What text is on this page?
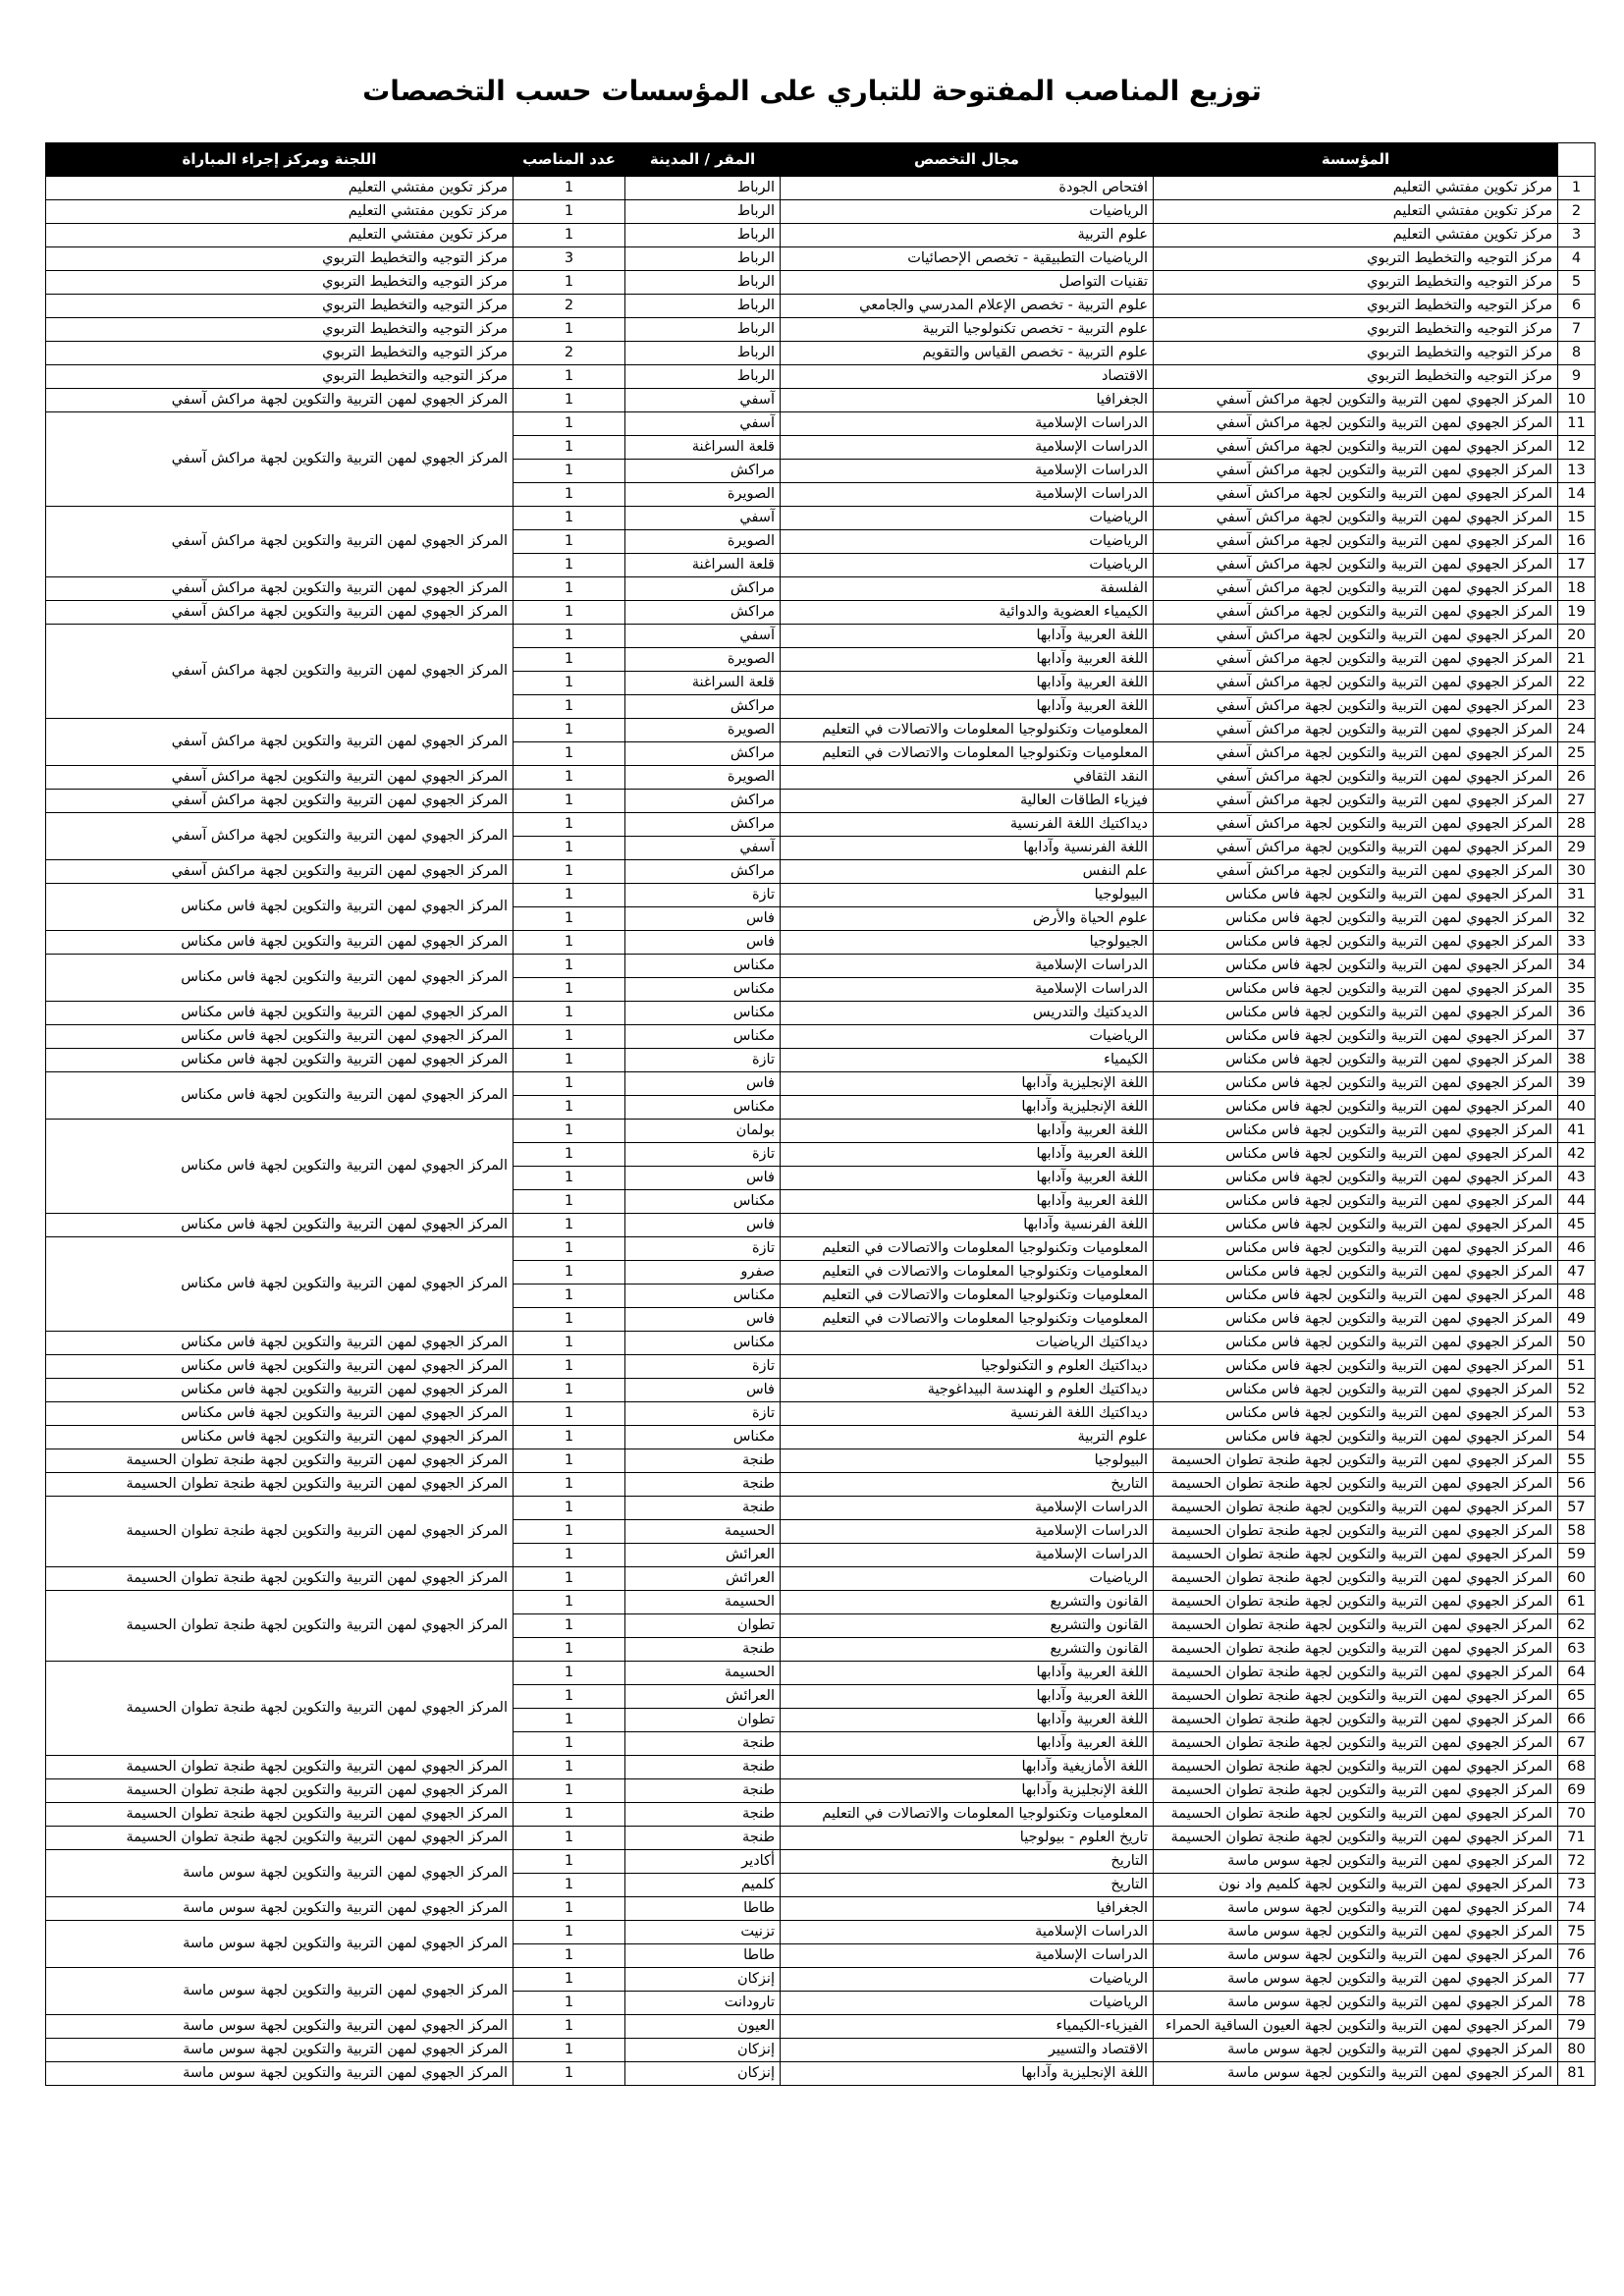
توزيع المناصب المفتوحة للتباري على المؤسسات حسب التخصصات
	المؤسسة	مجال التخصص	المقر / المدينة	عدد المناصب	اللجنة ومركز إجراء المباراة
1	مركز تكوين مفتشي التعليم	افتحاص الجودة	الرباط	1	مركز تكوين مفتشي التعليم
2	مركز تكوين مفتشي التعليم	الرياضيات	الرباط	1	مركز تكوين مفتشي التعليم
3	مركز تكوين مفتشي التعليم	علوم التربية	الرباط	1	مركز تكوين مفتشي التعليم
4	مركز التوجيه والتخطيط التربوي	الرياضيات التطبيقية - تخصص الإحصائيات	الرباط	3	مركز التوجيه والتخطيط التربوي
5	مركز التوجيه والتخطيط التربوي	تقنيات التواصل	الرباط	1	مركز التوجيه والتخطيط التربوي
6	مركز التوجيه والتخطيط التربوي	علوم التربية - تخصص الإعلام المدرسي والجامعي	الرباط	2	مركز التوجيه والتخطيط التربوي
7	مركز التوجيه والتخطيط التربوي	علوم التربية - تخصص تكنولوجيا التربية	الرباط	1	مركز التوجيه والتخطيط التربوي
8	مركز التوجيه والتخطيط التربوي	علوم التربية - تخصص القياس والتقويم	الرباط	2	مركز التوجيه والتخطيط التربوي
9	مركز التوجيه والتخطيط التربوي	الاقتصاد	الرباط	1	مركز التوجيه والتخطيط التربوي
10	المركز الجهوي لمهن التربية والتكوين لجهة مراكش آسفي	الجغرافيا	آسفي	1	المركز الجهوي لمهن التربية والتكوين لجهة مراكش آسفي
11	المركز الجهوي لمهن التربية والتكوين لجهة مراكش آسفي	الدراسات الإسلامية	آسفي	1	المركز الجهوي لمهن التربية والتكوين لجهة مراكش آسفي
12	المركز الجهوي لمهن التربية والتكوين لجهة مراكش آسفي	الدراسات الإسلامية	قلعة السراغنة	1	
13	المركز الجهوي لمهن التربية والتكوين لجهة مراكش آسفي	الدراسات الإسلامية	مراكش	1	
14	المركز الجهوي لمهن التربية والتكوين لجهة مراكش آسفي	الدراسات الإسلامية	الصويرة	1	
15	المركز الجهوي لمهن التربية والتكوين لجهة مراكش آسفي	الرياضيات	آسفي	1	المركز الجهوي لمهن التربية والتكوين لجهة مراكش آسفي
16	المركز الجهوي لمهن التربية والتكوين لجهة مراكش آسفي	الرياضيات	الصويرة	1	
17	المركز الجهوي لمهن التربية والتكوين لجهة مراكش آسفي	الرياضيات	قلعة السراغنة	1	
18	المركز الجهوي لمهن التربية والتكوين لجهة مراكش آسفي	الفلسفة	مراكش	1	المركز الجهوي لمهن التربية والتكوين لجهة مراكش آسفي
19	المركز الجهوي لمهن التربية والتكوين لجهة مراكش آسفي	الكيمياء العضوية والدوائية	مراكش	1	المركز الجهوي لمهن التربية والتكوين لجهة مراكش آسفي
20	المركز الجهوي لمهن التربية والتكوين لجهة مراكش آسفي	اللغة العربية وآدابها	آسفي	1	المركز الجهوي لمهن التربية والتكوين لجهة مراكش آسفي
21	المركز الجهوي لمهن التربية والتكوين لجهة مراكش آسفي	اللغة العربية وآدابها	الصويرة	1	
22	المركز الجهوي لمهن التربية والتكوين لجهة مراكش آسفي	اللغة العربية وآدابها	قلعة السراغنة	1	
23	المركز الجهوي لمهن التربية والتكوين لجهة مراكش آسفي	اللغة العربية وآدابها	مراكش	1	
24	المركز الجهوي لمهن التربية والتكوين لجهة مراكش آسفي	المعلوميات وتكنولوجيا المعلومات والاتصالات في التعليم	الصويرة	1	المركز الجهوي لمهن التربية والتكوين لجهة مراكش آسفي
25	المركز الجهوي لمهن التربية والتكوين لجهة مراكش آسفي	المعلوميات وتكنولوجيا المعلومات والاتصالات في التعليم	مراكش	1	
26	المركز الجهوي لمهن التربية والتكوين لجهة مراكش آسفي	النقد الثقافي	الصويرة	1	المركز الجهوي لمهن التربية والتكوين لجهة مراكش آسفي
27	المركز الجهوي لمهن التربية والتكوين لجهة مراكش آسفي	فيزياء الطاقات العالية	مراكش	1	المركز الجهوي لمهن التربية والتكوين لجهة مراكش آسفي
28	المركز الجهوي لمهن التربية والتكوين لجهة مراكش آسفي	ديداكتيك اللغة الفرنسية	مراكش	1	المركز الجهوي لمهن التربية والتكوين لجهة مراكش آسفي
29	المركز الجهوي لمهن التربية والتكوين لجهة مراكش آسفي	اللغة الفرنسية وآدابها	آسفي	1	
30	المركز الجهوي لمهن التربية والتكوين لجهة مراكش آسفي	علم النفس	مراكش	1	المركز الجهوي لمهن التربية والتكوين لجهة مراكش آسفي
31	المركز الجهوي لمهن التربية والتكوين لجهة فاس مكناس	البيولوجيا	تازة	1	المركز الجهوي لمهن التربية والتكوين لجهة فاس مكناس
32	المركز الجهوي لمهن التربية والتكوين لجهة فاس مكناس	علوم الحياة والأرض	فاس	1	
33	المركز الجهوي لمهن التربية والتكوين لجهة فاس مكناس	الجيولوجيا	فاس	1	المركز الجهوي لمهن التربية والتكوين لجهة فاس مكناس
34	المركز الجهوي لمهن التربية والتكوين لجهة فاس مكناس	الدراسات الإسلامية	مكناس	1	المركز الجهوي لمهن التربية والتكوين لجهة فاس مكناس
35	المركز الجهوي لمهن التربية والتكوين لجهة فاس مكناس	الدراسات الإسلامية	مكناس	1	
36	المركز الجهوي لمهن التربية والتكوين لجهة فاس مكناس	الديدكتيك والتدريس	مكناس	1	المركز الجهوي لمهن التربية والتكوين لجهة فاس مكناس
37	المركز الجهوي لمهن التربية والتكوين لجهة فاس مكناس	الرياضيات	مكناس	1	المركز الجهوي لمهن التربية والتكوين لجهة فاس مكناس
38	المركز الجهوي لمهن التربية والتكوين لجهة فاس مكناس	الكيمياء	تازة	1	المركز الجهوي لمهن التربية والتكوين لجهة فاس مكناس
39	المركز الجهوي لمهن التربية والتكوين لجهة فاس مكناس	اللغة الإنجليزية وآدابها	فاس	1	المركز الجهوي لمهن التربية والتكوين لجهة فاس مكناس
40	المركز الجهوي لمهن التربية والتكوين لجهة فاس مكناس	اللغة الإنجليزية وآدابها	مكناس	1	
41	المركز الجهوي لمهن التربية والتكوين لجهة فاس مكناس	اللغة العربية وآدابها	بولمان	1	المركز الجهوي لمهن التربية والتكوين لجهة فاس مكناس
42	المركز الجهوي لمهن التربية والتكوين لجهة فاس مكناس	اللغة العربية وآدابها	تازة	1	
43	المركز الجهوي لمهن التربية والتكوين لجهة فاس مكناس	اللغة العربية وآدابها	فاس	1	
44	المركز الجهوي لمهن التربية والتكوين لجهة فاس مكناس	اللغة العربية وآدابها	مكناس	1	
45	المركز الجهوي لمهن التربية والتكوين لجهة فاس مكناس	اللغة الفرنسية وآدابها	فاس	1	المركز الجهوي لمهن التربية والتكوين لجهة فاس مكناس
46	المركز الجهوي لمهن التربية والتكوين لجهة فاس مكناس	المعلوميات وتكنولوجيا المعلومات والاتصالات في التعليم	تازة	1	المركز الجهوي لمهن التربية والتكوين لجهة فاس مكناس
47	المركز الجهوي لمهن التربية والتكوين لجهة فاس مكناس	المعلوميات وتكنولوجيا المعلومات والاتصالات في التعليم	صفرو	1	
48	المركز الجهوي لمهن التربية والتكوين لجهة فاس مكناس	المعلوميات وتكنولوجيا المعلومات والاتصالات في التعليم	مكناس	1	
49	المركز الجهوي لمهن التربية والتكوين لجهة فاس مكناس	المعلوميات وتكنولوجيا المعلومات والاتصالات في التعليم	فاس	1	
50	المركز الجهوي لمهن التربية والتكوين لجهة فاس مكناس	ديداكتيك الرياضيات	مكناس	1	المركز الجهوي لمهن التربية والتكوين لجهة فاس مكناس
51	المركز الجهوي لمهن التربية والتكوين لجهة فاس مكناس	ديداكتيك العلوم و التكنولوجيا	تازة	1	المركز الجهوي لمهن التربية والتكوين لجهة فاس مكناس
52	المركز الجهوي لمهن التربية والتكوين لجهة فاس مكناس	ديداكتيك العلوم و الهندسة البيداغوجية	فاس	1	المركز الجهوي لمهن التربية والتكوين لجهة فاس مكناس
53	المركز الجهوي لمهن التربية والتكوين لجهة فاس مكناس	ديداكتيك اللغة الفرنسية	تازة	1	المركز الجهوي لمهن التربية والتكوين لجهة فاس مكناس
54	المركز الجهوي لمهن التربية والتكوين لجهة فاس مكناس	علوم التربية	مكناس	1	المركز الجهوي لمهن التربية والتكوين لجهة فاس مكناس
55	المركز الجهوي لمهن التربية والتكوين لجهة طنجة تطوان الحسيمة	البيولوجيا	طنجة	1	المركز الجهوي لمهن التربية والتكوين لجهة طنجة تطوان الحسيمة
56	المركز الجهوي لمهن التربية والتكوين لجهة طنجة تطوان الحسيمة	التاريخ	طنجة	1	المركز الجهوي لمهن التربية والتكوين لجهة طنجة تطوان الحسيمة
57	المركز الجهوي لمهن التربية والتكوين لجهة طنجة تطوان الحسيمة	الدراسات الإسلامية	طنجة	1	المركز الجهوي لمهن التربية والتكوين لجهة طنجة تطوان الحسيمة
58	المركز الجهوي لمهن التربية والتكوين لجهة طنجة تطوان الحسيمة	الدراسات الإسلامية	الحسيمة	1	
59	المركز الجهوي لمهن التربية والتكوين لجهة طنجة تطوان الحسيمة	الدراسات الإسلامية	العرائش	1	
60	المركز الجهوي لمهن التربية والتكوين لجهة طنجة تطوان الحسيمة	الرياضيات	العرائش	1	المركز الجهوي لمهن التربية والتكوين لجهة طنجة تطوان الحسيمة
61	المركز الجهوي لمهن التربية والتكوين لجهة طنجة تطوان الحسيمة	القانون والتشريع	الحسيمة	1	المركز الجهوي لمهن التربية والتكوين لجهة طنجة تطوان الحسيمة
62	المركز الجهوي لمهن التربية والتكوين لجهة طنجة تطوان الحسيمة	القانون والتشريع	تطوان	1	
63	المركز الجهوي لمهن التربية والتكوين لجهة طنجة تطوان الحسيمة	القانون والتشريع	طنجة	1	
64	المركز الجهوي لمهن التربية والتكوين لجهة طنجة تطوان الحسيمة	اللغة العربية وآدابها	الحسيمة	1	المركز الجهوي لمهن التربية والتكوين لجهة طنجة تطوان الحسيمة
65	المركز الجهوي لمهن التربية والتكوين لجهة طنجة تطوان الحسيمة	اللغة العربية وآدابها	العرائش	1	
66	المركز الجهوي لمهن التربية والتكوين لجهة طنجة تطوان الحسيمة	اللغة العربية وآدابها	تطوان	1	
67	المركز الجهوي لمهن التربية والتكوين لجهة طنجة تطوان الحسيمة	اللغة العربية وآدابها	طنجة	1	
68	المركز الجهوي لمهن التربية والتكوين لجهة طنجة تطوان الحسيمة	اللغة الأمازيغية وآدابها	طنجة	1	المركز الجهوي لمهن التربية والتكوين لجهة طنجة تطوان الحسيمة
69	المركز الجهوي لمهن التربية والتكوين لجهة طنجة تطوان الحسيمة	اللغة الإنجليزية وآدابها	طنجة	1	المركز الجهوي لمهن التربية والتكوين لجهة طنجة تطوان الحسيمة
70	المركز الجهوي لمهن التربية والتكوين لجهة طنجة تطوان الحسيمة	المعلوميات وتكنولوجيا المعلومات والاتصالات في التعليم	طنجة	1	المركز الجهوي لمهن التربية والتكوين لجهة طنجة تطوان الحسيمة
71	المركز الجهوي لمهن التربية والتكوين لجهة طنجة تطوان الحسيمة	تاريخ العلوم - بيولوجيا	طنجة	1	المركز الجهوي لمهن التربية والتكوين لجهة طنجة تطوان الحسيمة
72	المركز الجهوي لمهن التربية والتكوين لجهة سوس ماسة	التاريخ	أكادير	1	المركز الجهوي لمهن التربية والتكوين لجهة سوس ماسة
73	المركز الجهوي لمهن التربية والتكوين لجهة كلميم واد نون	التاريخ	كلميم	1	
74	المركز الجهوي لمهن التربية والتكوين لجهة سوس ماسة	الجغرافيا	طاطا	1	المركز الجهوي لمهن التربية والتكوين لجهة سوس ماسة
75	المركز الجهوي لمهن التربية والتكوين لجهة سوس ماسة	الدراسات الإسلامية	تزنيت	1	المركز الجهوي لمهن التربية والتكوين لجهة سوس ماسة
76	المركز الجهوي لمهن التربية والتكوين لجهة سوس ماسة	الدراسات الإسلامية	طاطا	1	
77	المركز الجهوي لمهن التربية والتكوين لجهة سوس ماسة	الرياضيات	إنزكان	1	المركز الجهوي لمهن التربية والتكوين لجهة سوس ماسة
78	المركز الجهوي لمهن التربية والتكوين لجهة سوس ماسة	الرياضيات	تارودانت	1	
79	المركز الجهوي لمهن التربية والتكوين لجهة العيون الساقية الحمراء	الفيزياء-الكيمياء	العيون	1	المركز الجهوي لمهن التربية والتكوين لجهة سوس ماسة
80	المركز الجهوي لمهن التربية والتكوين لجهة سوس ماسة	الاقتصاد والتسيير	إنزكان	1	المركز الجهوي لمهن التربية والتكوين لجهة سوس ماسة
81	المركز الجهوي لمهن التربية والتكوين لجهة سوس ماسة	اللغة الإنجليزية وآدابها	إنزكان	1	المركز الجهوي لمهن التربية والتكوين لجهة سوس ماسة
